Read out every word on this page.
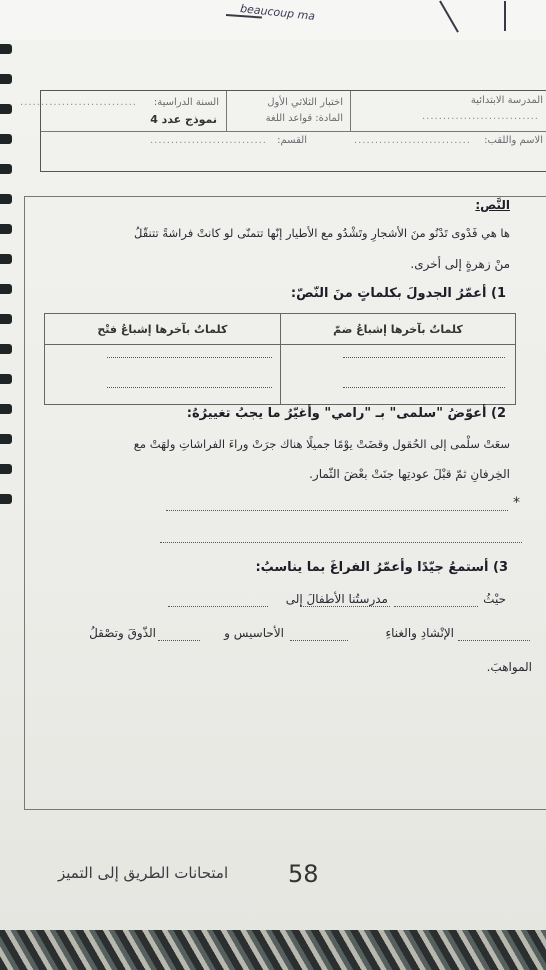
beaucoup ma
المدرسة الابتدائية
............................
اختبار الثلاثي الأول
المادة: قواعد اللغة
السنة الدراسية:
............................
نموذج عدد 4
الاسم واللقب:
............................
القسم:
............................
النَّص:
ها هي فَدْوى تَدْنُو منَ الأشجارِ وتَشْدُو مع الأطيار إنّها تتمنّى لو كانتْ فراشةً تتنقّلُ
منْ زهرةٍ إلى أخرى.
1) أعمّرُ الجدولَ بكلماتٍ منَ النّصّ:
كلماتٌ بآخرها إشباعُ ضمّ	كلماتٌ بآخرها إشباعُ فتْح

2) أعوّضُ "سلمى" بـ "رامي" وأغيّرُ ما يجبُ تغييرُهُ:
سعَتْ سلْمى إلى الحُقول وقضَتْ يوْمًا جميلًا هناك جرَتْ وراءَ الفراشاتِ ولهَتْ مع
الخِرفانِ ثمّ قبْلَ عودتِها جنَتْ بعْضَ الثّمار.
*
3) أستمعُ جيّدًا وأعمّرُ الفراغَ بما يناسبُ:
حيْثُ
مدرستُنا الأطفالَ إلى
الإنْشادِ والغناءِ
الأحاسيس و
الذّوقَ وتصْقلُ
المواهبَ.
58
امتحانات الطريق إلى التميز
